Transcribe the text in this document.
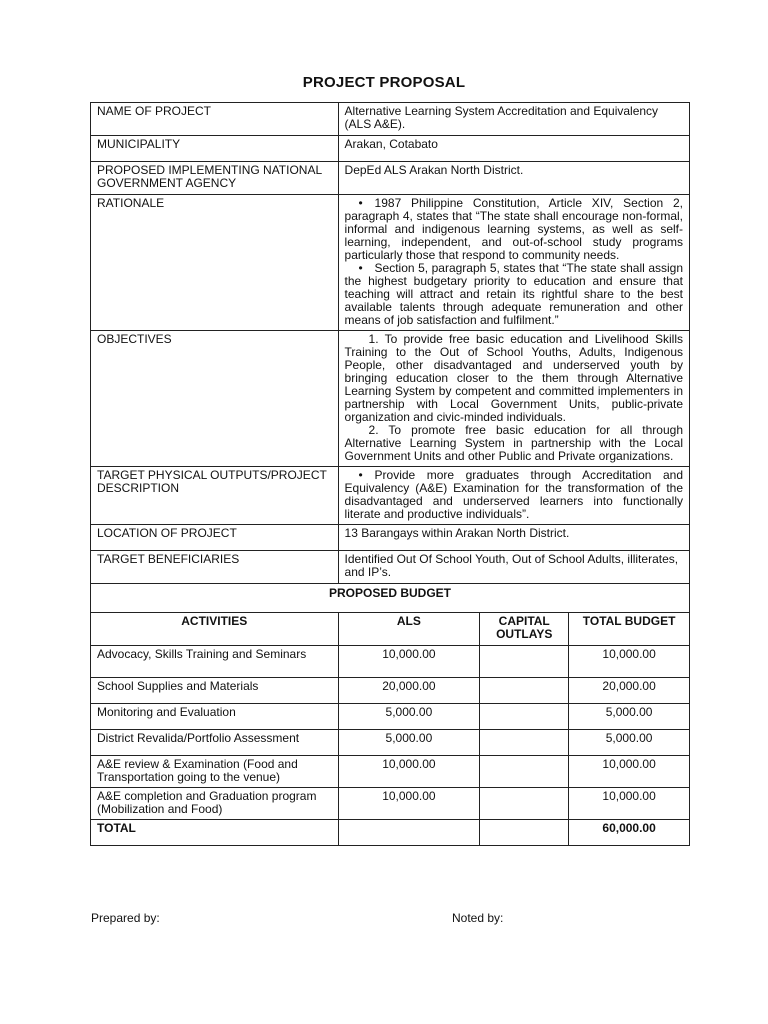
PROJECT PROPOSAL
NAME OF PROJECT	Alternative Learning System Accreditation and Equivalency (ALS A&E).		
MUNICIPALITY	Arakan, Cotabato		
PROPOSED IMPLEMENTING NATIONAL GOVERNMENT AGENCY	DepEd ALS Arakan North District.		
RATIONALE	• 1987 Philippine Constitution, Article XIV, Section 2, paragraph 4, states that “The state shall encourage non-formal, informal and indigenous learning systems, as well as self-learning, independent, and out-of-school study programs particularly those that respond to community needs.

• Section 5, paragraph 5, states that “The state shall assign the highest budgetary priority to education and ensure that teaching will attract and retain its rightful share to the best available talents through adequate remuneration and other means of job satisfaction and fulfilment.”		

OBJECTIVES	1. To provide free basic education and Livelihood Skills Training to the Out of School Youths, Adults, Indigenous People, other disadvantaged and underserved youth by bringing education closer to the them through Alternative Learning System by competent and committed implementers in partnership with Local Government Units, public-private organization and civic-minded individuals.

2. To promote free basic education for all through Alternative Learning System in partnership with the Local Government Units and other Public and Private organizations.		

TARGET PHYSICAL OUTPUTS/PROJECT DESCRIPTION	• Provide more graduates through Accreditation and Equivalency (A&E) Examination for the transformation of the disadvantaged and underserved learners into functionally literate and productive individuals”.		

LOCATION OF PROJECT	13 Barangays within Arakan North District.		
TARGET BENEFICIARIES	Identified Out Of School Youth, Out of School Adults, illiterates, and IP’s.		
PROPOSED BUDGET			
ACTIVITIES	ALS	CAPITAL OUTLAYS	TOTAL BUDGET
Advocacy, Skills Training and Seminars	10,000.00		10,000.00
School Supplies and Materials	20,000.00		20,000.00
Monitoring and Evaluation	5,000.00		5,000.00
District Revalida/Portfolio Assessment	5,000.00		5,000.00
A&E review & Examination (Food and Transportation going to the venue)	10,000.00		10,000.00
A&E completion and Graduation program (Mobilization and Food)	10,000.00		10,000.00
TOTAL			60,000.00
Prepared by:	Noted by:
